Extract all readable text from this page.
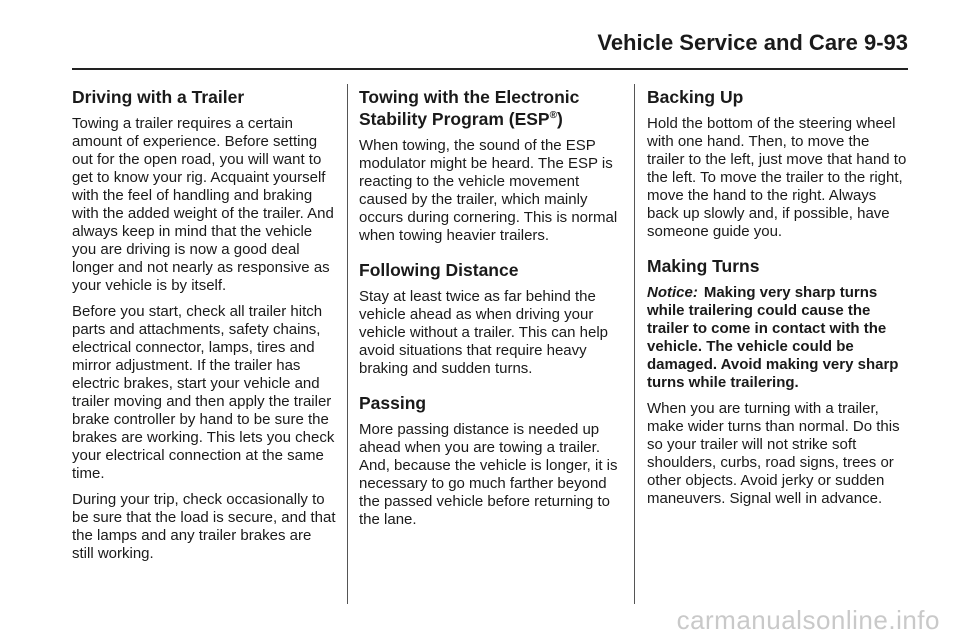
Vehicle Service and Care 9-93
Driving with a Trailer

Towing a trailer requires a certain amount of experience. Before setting out for the open road, you will want to get to know your rig. Acquaint yourself with the feel of handling and braking with the added weight of the trailer. And always keep in mind that the vehicle you are driving is now a good deal longer and not nearly as responsive as your vehicle is by itself.

Before you start, check all trailer hitch parts and attachments, safety chains, electrical connector, lamps, tires and mirror adjustment. If the trailer has electric brakes, start your vehicle and trailer moving and then apply the trailer brake controller by hand to be sure the brakes are working. This lets you check your electrical connection at the same time.

During your trip, check occasionally to be sure that the load is secure, and that the lamps and any trailer brakes are still working.

Towing with the Electronic Stability Program (ESP®)

When towing, the sound of the ESP modulator might be heard. The ESP is reacting to the vehicle movement caused by the trailer, which mainly occurs during cornering. This is normal when towing heavier trailers.

Following Distance

Stay at least twice as far behind the vehicle ahead as when driving your vehicle without a trailer. This can help avoid situations that require heavy braking and sudden turns.

Passing

More passing distance is needed up ahead when you are towing a trailer. And, because the vehicle is longer, it is necessary to go much farther beyond the passed vehicle before returning to the lane.

Backing Up

Hold the bottom of the steering wheel with one hand. Then, to move the trailer to the left, just move that hand to the left. To move the trailer to the right, move the hand to the right. Always back up slowly and, if possible, have someone guide you.

Making Turns

Notice: Making very sharp turns while trailering could cause the trailer to come in contact with the vehicle. The vehicle could be damaged. Avoid making very sharp turns while trailering.

When you are turning with a trailer, make wider turns than normal. Do this so your trailer will not strike soft shoulders, curbs, road signs, trees or other objects. Avoid jerky or sudden maneuvers. Signal well in advance.

carmanualsonline.info
